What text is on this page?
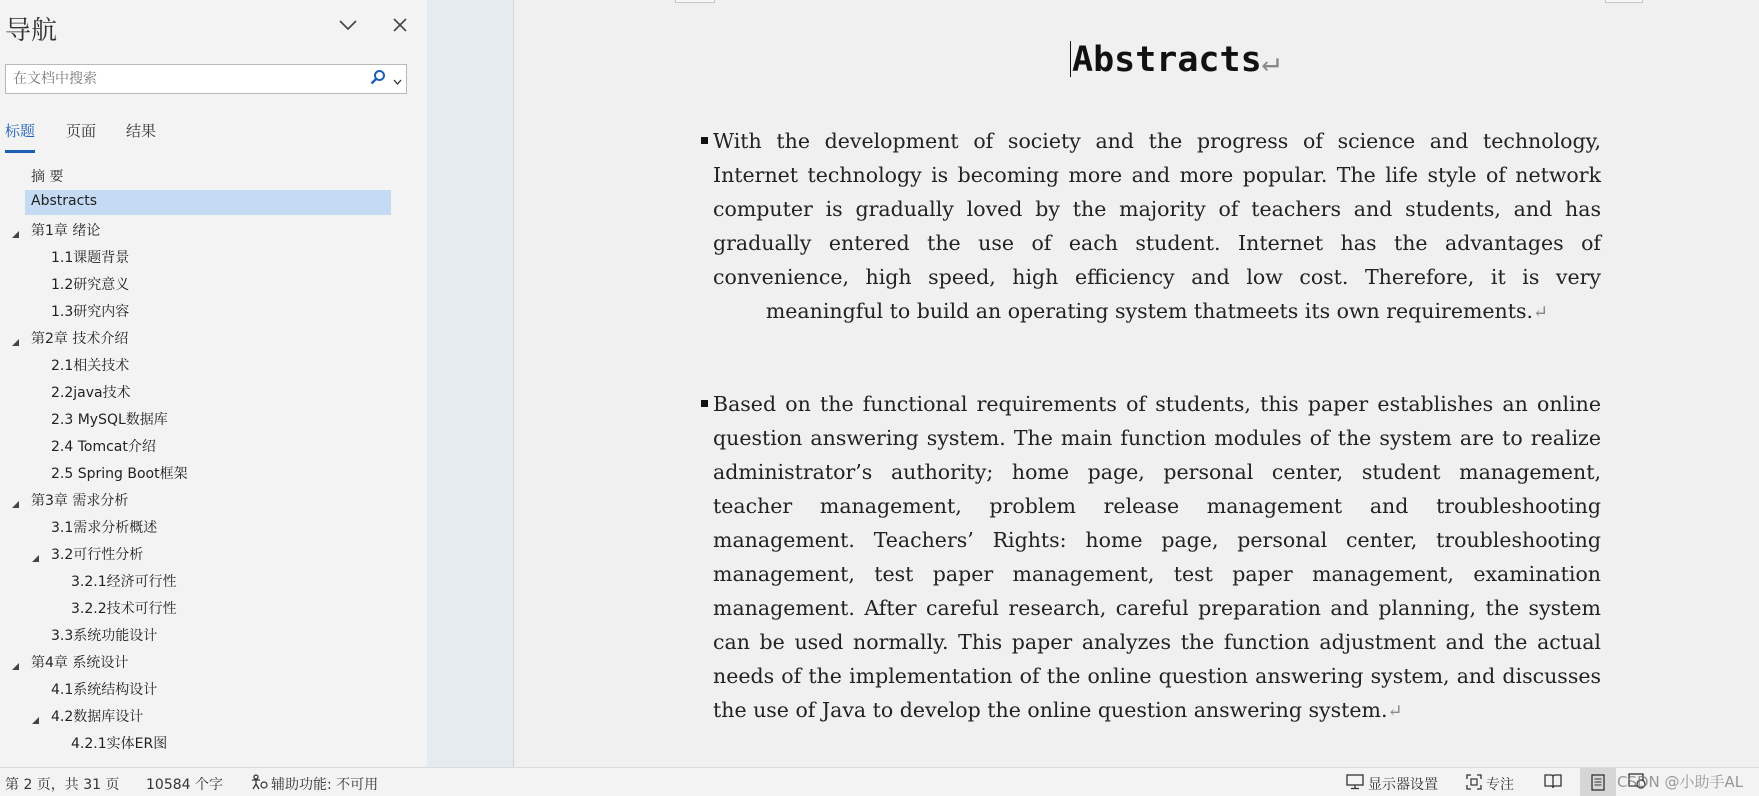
导航
在文档中搜索
标题 页面 结果
摘 要
Abstracts
第1章 绪论
1.1课题背景
1.2研究意义
1.3研究内容
第2章 技术介绍
2.1相关技术
2.2java技术
2.3 MySQL数据库
2.4 Tomcat介绍
2.5 Spring Boot框架
第3章 需求分析
3.1需求分析概述
3.2可行性分析
3.2.1经济可行性
3.2.2技术可行性
3.3系统功能设计
第4章 系统设计
4.1系统结构设计
4.2数据库设计
4.2.1实体ER图
Abstracts↵
With the development of society and the progress of science and technology, Internet technology is becoming more and more popular. The life style of network computer is gradually loved by the majority of teachers and students, and has gradually entered the use of each student. Internet has the advantages of convenience, high speed, high efficiency and low cost. Therefore, it is very meaningful to build an operating system thatmeets its own requirements.↵
Based on the functional requirements of students, this paper establishes an online question answering system. The main function modules of the system are to realize administrator’s authority; home page, personal center, student management, teacher management, problem release management and troubleshooting management. Teachers’ Rights: home page, personal center, troubleshooting management, test paper management, test paper management, examination management. After careful research, careful preparation and planning, the system can be used normally. This paper analyzes the function adjustment and the actual needs of the implementation of the online question answering system, and discusses the use of Java to develop the online question answering system.↵
第 2 页，共 31 页 10584 个字	辅助功能: 不可用	显示器设置	专注	CSDN @小助手AL
